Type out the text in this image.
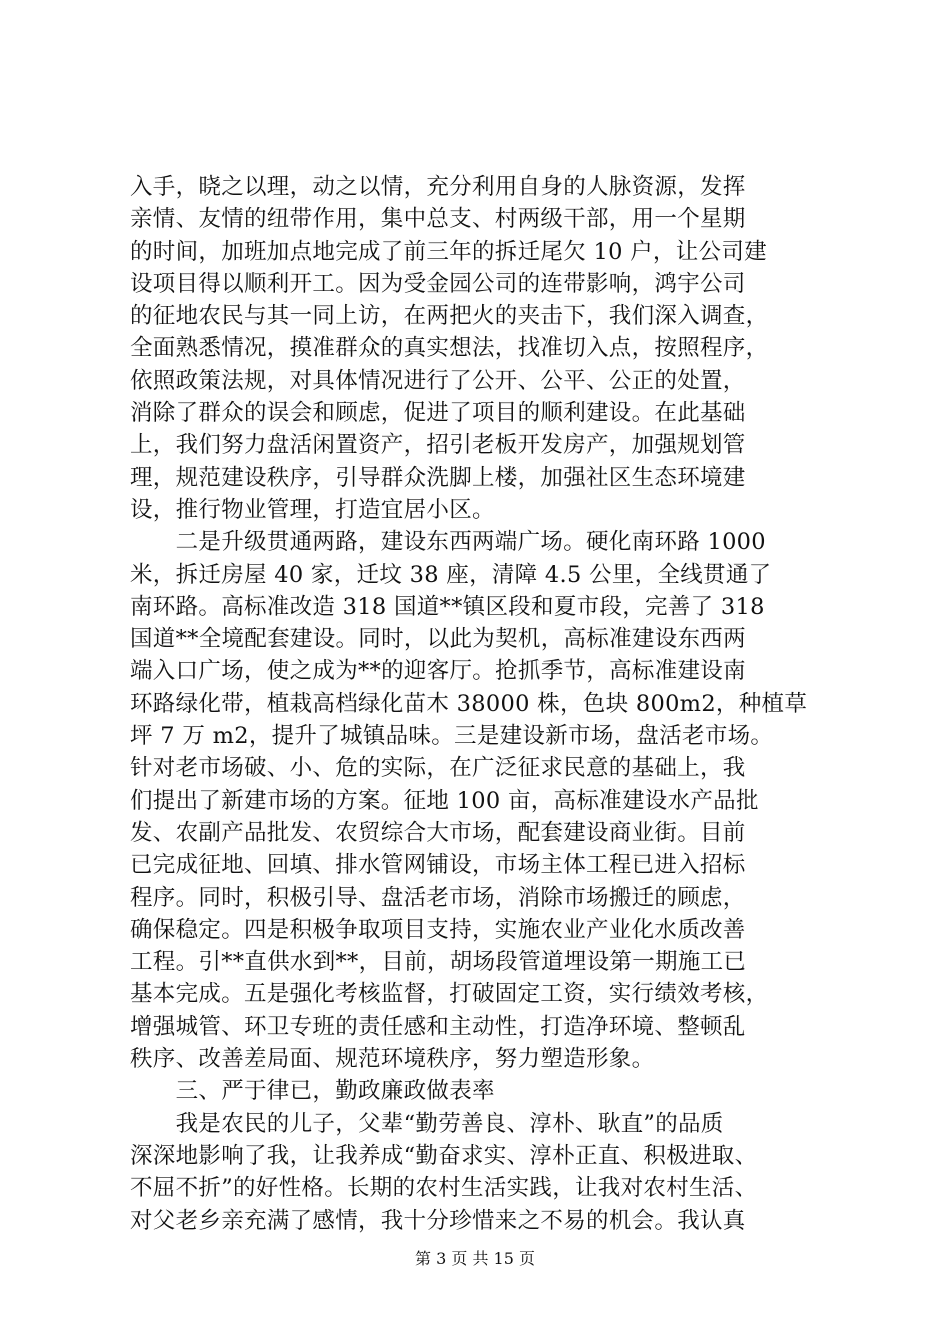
入手，晓之以理，动之以情，充分利用自身的人脉资源，发挥
亲情、友情的纽带作用，集中总支、村两级干部，用一个星期
的时间，加班加点地完成了前三年的拆迁尾欠 10 户，让公司建
设项目得以顺利开工。因为受金园公司的连带影响，鸿宇公司
的征地农民与其一同上访，在两把火的夹击下，我们深入调查，
全面熟悉情况，摸准群众的真实想法，找准切入点，按照程序，
依照政策法规，对具体情况进行了公开、公平、公正的处置，
消除了群众的误会和顾虑，促进了项目的顺利建设。在此基础
上，我们努力盘活闲置资产，招引老板开发房产，加强规划管
理，规范建设秩序，引导群众洗脚上楼，加强社区生态环境建
设，推行物业管理，打造宜居小区。
　　二是升级贯通两路，建设东西两端广场。硬化南环路 1000
米，拆迁房屋 40 家，迁坟 38 座，清障 4.5 公里，全线贯通了
南环路。高标准改造 318 国道**镇区段和夏市段，完善了 318
国道**全境配套建设。同时，以此为契机，高标准建设东西两
端入口广场，使之成为**的迎客厅。抢抓季节，高标准建设南
环路绿化带，植栽高档绿化苗木 38000 株，色块 800m2，种植草
坪 7 万 m2，提升了城镇品味。三是建设新市场，盘活老市场。
针对老市场破、小、危的实际，在广泛征求民意的基础上，我
们提出了新建市场的方案。征地 100 亩，高标准建设水产品批
发、农副产品批发、农贸综合大市场，配套建设商业街。目前
已完成征地、回填、排水管网铺设，市场主体工程已进入招标
程序。同时，积极引导、盘活老市场，消除市场搬迁的顾虑，
确保稳定。四是积极争取项目支持，实施农业产业化水质改善
工程。引**直供水到**，目前，胡场段管道埋设第一期施工已
基本完成。五是强化考核监督，打破固定工资，实行绩效考核，
增强城管、环卫专班的责任感和主动性，打造净环境、整顿乱
秩序、改善差局面、规范环境秩序，努力塑造形象。
　　三、严于律已，勤政廉政做表率
　　我是农民的儿子，父辈“勤劳善良、淳朴、耿直”的品质
深深地影响了我，让我养成“勤奋求实、淳朴正直、积极进取、
不屈不折”的好性格。长期的农村生活实践，让我对农村生活、
对父老乡亲充满了感情，我十分珍惜来之不易的机会。我认真
第 3 页 共 15 页
